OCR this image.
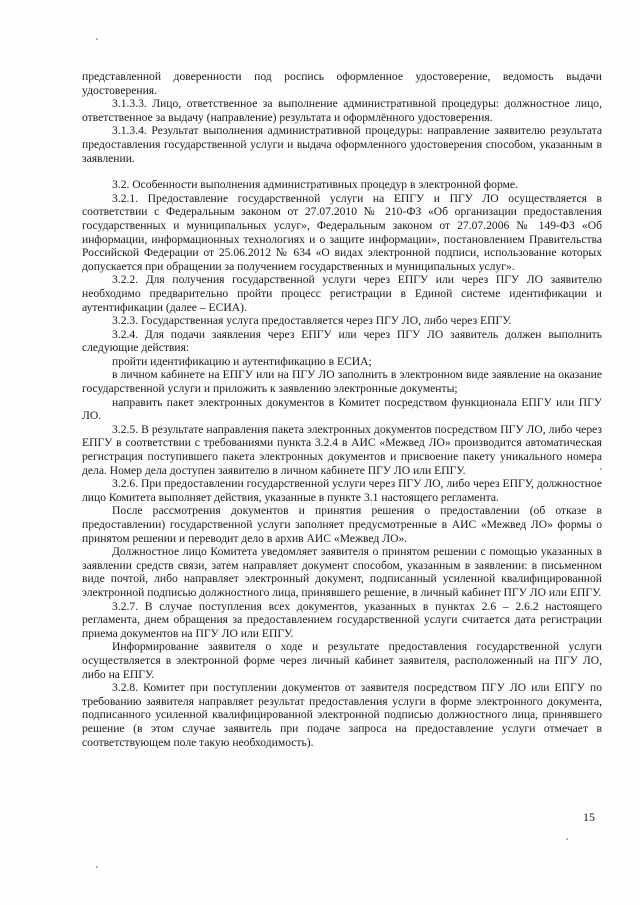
представленной доверенности под роспись оформленное удостоверение, ведомость выдачи удостоверения.

3.1.3.3. Лицо, ответственное за выполнение административной процедуры: должностное лицо, ответственное за выдачу (направление) результата и оформлённого удостоверения.

3.1.3.4. Результат выполнения административной процедуры: направление заявителю результата предоставления государственной услуги и выдача оформленного удостоверения способом, указанным в заявлении.

3.2. Особенности выполнения административных процедур в электронной форме.

3.2.1. Предоставление государственной услуги на ЕПГУ и ПГУ ЛО осуществляется в соответствии с Федеральным законом от 27.07.2010 № 210-ФЗ «Об организации предоставления государственных и муниципальных услуг», Федеральным законом от 27.07.2006 № 149-ФЗ «Об информации, информационных технологиях и о защите информации», постановлением Правительства Российской Федерации от 25.06.2012 № 634 «О видах электронной подписи, использование которых допускается при обращении за получением государственных и муниципальных услуг».

3.2.2. Для получения государственной услуги через ЕПГУ или через ПГУ ЛО заявителю необходимо предварительно пройти процесс регистрации в Единой системе идентификации и аутентификации (далее – ЕСИА).

3.2.3. Государственная услуга предоставляется через ПГУ ЛО, либо через ЕПГУ.

3.2.4. Для подачи заявления через ЕПГУ или через ПГУ ЛО заявитель должен выполнить следующие действия:

пройти идентификацию и аутентификацию в ЕСИА;

в личном кабинете на ЕПГУ или на ПГУ ЛО заполнить в электронном виде заявление на оказание государственной услуги и приложить к заявлению электронные документы;

направить пакет электронных документов в Комитет посредством функционала ЕПГУ или ПГУ ЛО.

3.2.5. В результате направления пакета электронных документов посредством ПГУ ЛО, либо через ЕПГУ в соответствии с требованиями пункта 3.2.4 в АИС «Межвед ЛО» производится автоматическая регистрация поступившего пакета электронных документов и присвоение пакету уникального номера дела. Номер дела доступен заявителю в личном кабинете ПГУ ЛО или ЕПГУ.

3.2.6. При предоставлении государственной услуги через ПГУ ЛО, либо через ЕПГУ, должностное лицо Комитета выполняет действия, указанные в пункте 3.1 настоящего регламента.

После рассмотрения документов и принятия решения о предоставлении (об отказе в предоставлении) государственной услуги заполняет предусмотренные в АИС «Межвед ЛО» формы о принятом решении и переводит дело в архив АИС «Межвед ЛО».

Должностное лицо Комитета уведомляет заявителя о принятом решении с помощью указанных в заявлении средств связи, затем направляет документ способом, указанным в заявлении: в письменном виде почтой, либо направляет электронный документ, подписанный усиленной квалифицированной электронной подписью должностного лица, принявшего решение, в личный кабинет ПГУ ЛО или ЕПГУ.

3.2.7. В случае поступления всех документов, указанных в пунктах 2.6 – 2.6.2 настоящего регламента, днем обращения за предоставлением государственной услуги считается дата регистрации приема документов на ПГУ ЛО или ЕПГУ.

Информирование заявителя о ходе и результате предоставления государственной услуги осуществляется в электронной форме через личный кабинет заявителя, расположенный на ПГУ ЛО, либо на ЕПГУ.

3.2.8. Комитет при поступлении документов от заявителя посредством ПГУ ЛО или ЕПГУ по требованию заявителя направляет результат предоставления услуги в форме электронного документа, подписанного усиленной квалифицированной электронной подписью должностного лица, принявшего решение (в этом случае заявитель при подаче запроса на предоставление услуги отмечает в соответствующем поле такую необходимость).

15
